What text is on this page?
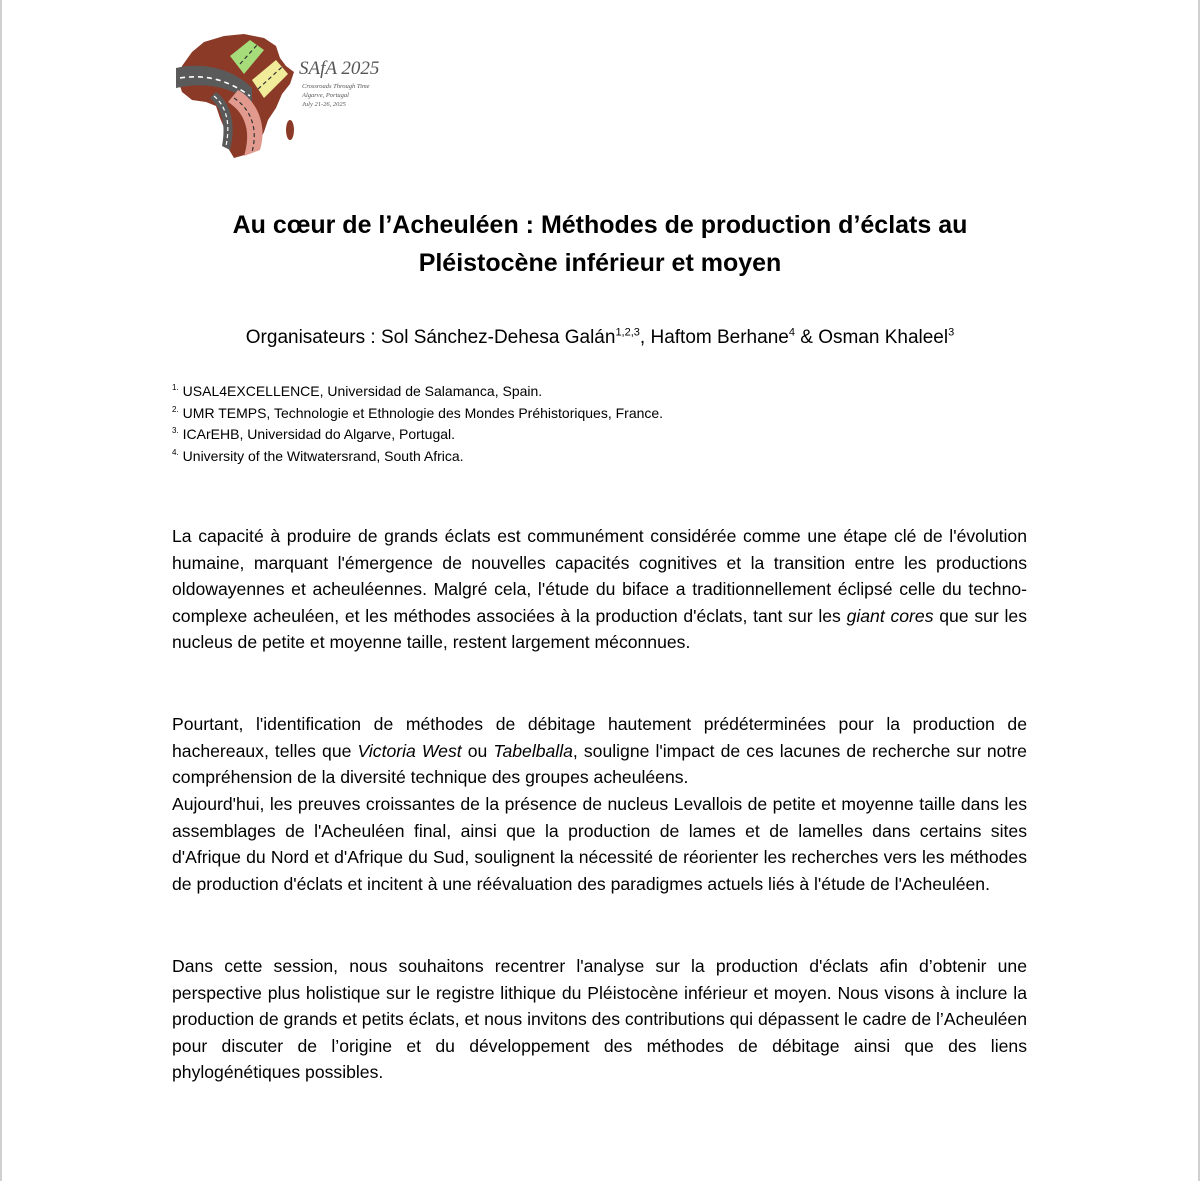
SAfA 2025
Crossroads Through Time
Algarve, Portugal
July 21-26, 2025
Au cœur de l’Acheuléen : Méthodes de production d’éclats au
Pléistocène inférieur et moyen
Organisateurs : Sol Sánchez-Dehesa Galán$^{1,2,3}$, Haftom Berhane$^4$ & Osman Khaleel$^3$
$^{1.}$ USAL4EXCELLENCE, Universidad de Salamanca, Spain.
$^{2.}$ UMR TEMPS, Technologie et Ethnologie des Mondes Préhistoriques, France.
$^{3.}$ ICArEHB, Universidad do Algarve, Portugal.
$^{4.}$ University of the Witwatersrand, South Africa.

La capacité à produire de grands éclats est communément considérée comme une étape clé de l'évolution humaine, marquant l'émergence de nouvelles capacités cognitives et la transition entre les productions oldowayennes et acheuléennes. Malgré cela, l'étude du biface a traditionnellement éclipsé celle du techno-complexe acheuléen, et les méthodes associées à la production d'éclats, tant sur les giant cores que sur les nucleus de petite et moyenne taille, restent largement méconnues.

Pourtant, l'identification de méthodes de débitage hautement prédéterminées pour la production de hachereaux, telles que Victoria West ou Tabelballa, souligne l'impact de ces lacunes de recherche sur notre compréhension de la diversité technique des groupes acheuléens.

Aujourd'hui, les preuves croissantes de la présence de nucleus Levallois de petite et moyenne taille dans les assemblages de l'Acheuléen final, ainsi que la production de lames et de lamelles dans certains sites d'Afrique du Nord et d'Afrique du Sud, soulignent la nécessité de réorienter les recherches vers les méthodes de production d'éclats et incitent à une réévaluation des paradigmes actuels liés à l'étude de l'Acheuléen.

Dans cette session, nous souhaitons recentrer l'analyse sur la production d'éclats afin d’obtenir une perspective plus holistique sur le registre lithique du Pléistocène inférieur et moyen. Nous visons à inclure la production de grands et petits éclats, et nous invitons des contributions qui dépassent le cadre de l’Acheuléen pour discuter de l’origine et du développement des méthodes de débitage ainsi que des liens phylogénétiques possibles.
